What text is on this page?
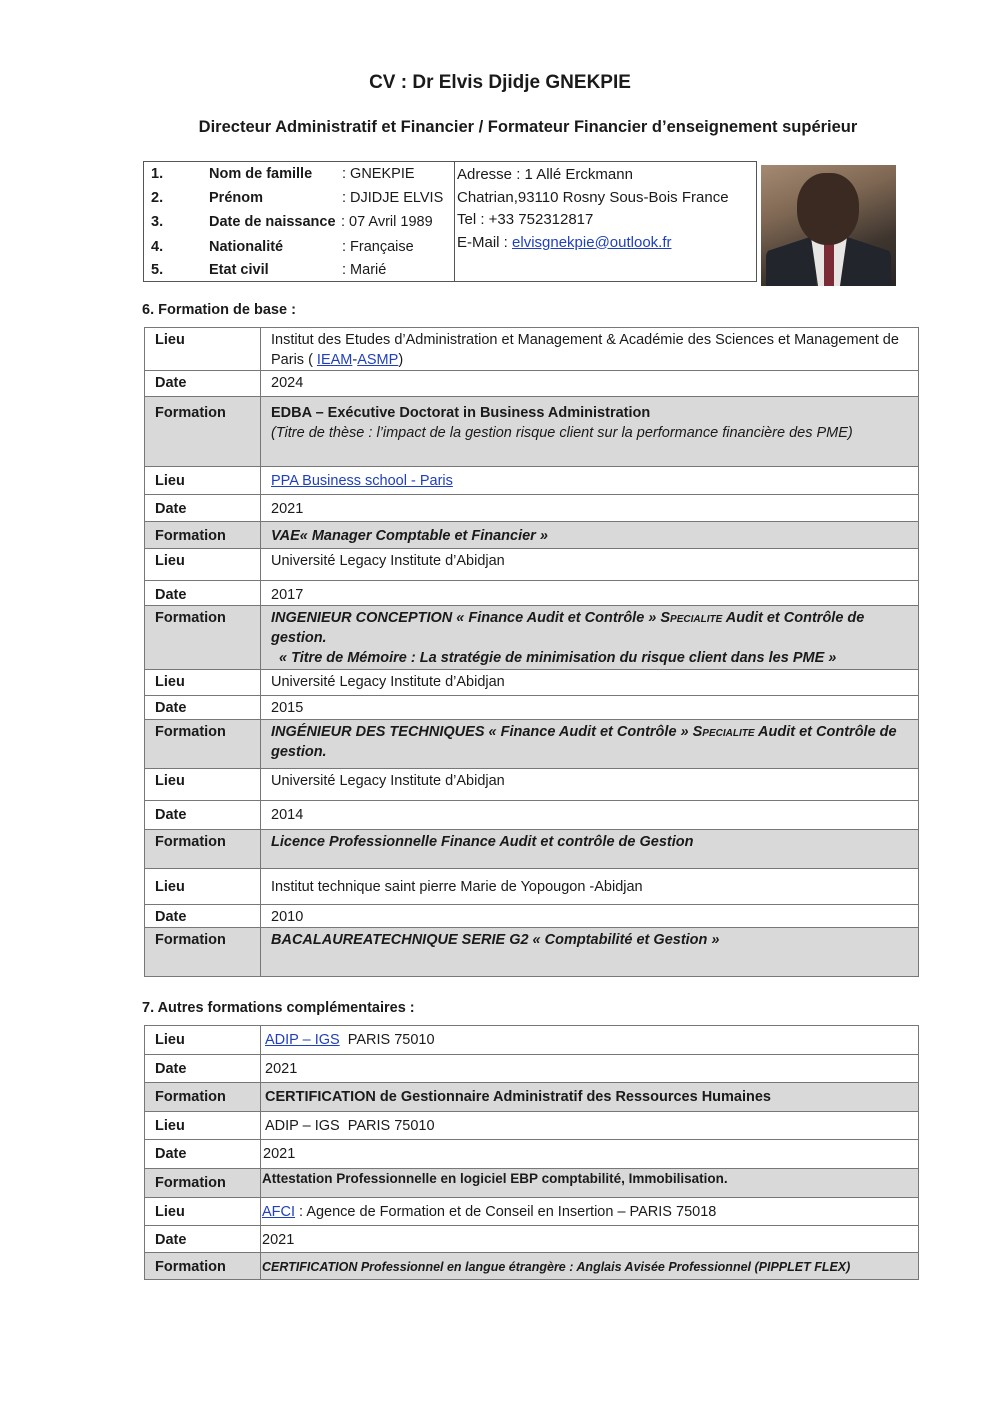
CV : Dr Elvis Djidje GNEKPIE
Directeur Administratif et Financier / Formateur Financier d’enseignement supérieur
1.	Nom de famille : GNEKPIE
2.	Prénom	: DJIDJE ELVIS
3.	Date de naissance : 07 Avril 1989
4.	Nationalité	: Française
5.	Etat civil	: Marié
Adresse : 1 Allé Erckmann
Chatrian,93110 Rosny Sous-Bois France
Tel : +33 752312817
E-Mail : elvisgnekpie@outlook.fr
6. Formation de base :
Lieu	Institut des Etudes d’Administration et Management & Académie des Sciences et Management de Paris ( IEAM-ASMP)
Date	2024
Formation	EDBA – Exécutive Doctorat in Business Administration
(Titre de thèse : l’impact de la gestion risque client sur la performance financière des PME)

Lieu	PPA Business school - Paris
Date	2021
Formation	VAE« Manager Comptable et Financier »
Lieu	Université Legacy Institute d’Abidjan
Date	2017
Formation	INGENIEUR CONCEPTION « Finance Audit et Contrôle » Specialite Audit et Contrôle de gestion.
« Titre de Mémoire : La stratégie de minimisation du risque client dans les PME »

Lieu	Université Legacy Institute d’Abidjan
Date	2015
Formation	INGÉNIEUR DES TECHNIQUES « Finance Audit et Contrôle » Specialite Audit et Contrôle de gestion.
Lieu	Université Legacy Institute d’Abidjan
Date	2014
Formation	Licence Professionnelle Finance Audit et contrôle de Gestion
Lieu	Institut technique saint pierre Marie de Yopougon -Abidjan
Date	2010
Formation	BACALAUREATECHNIQUE SERIE G2 « Comptabilité et Gestion »
7. Autres formations complémentaires :
Lieu	ADIP – IGS  PARIS 75010
Date	2021
Formation	CERTIFICATION de Gestionnaire Administratif des Ressources Humaines
Lieu	ADIP – IGS  PARIS 75010
Date	2021
Formation	Attestation Professionnelle en logiciel EBP comptabilité, Immobilisation.
Lieu	AFCI : Agence de Formation et de Conseil en Insertion – PARIS 75018
Date	2021
Formation	CERTIFICATION Professionnel en langue étrangère : Anglais Avisée Professionnel (PIPPLET FLEX)
